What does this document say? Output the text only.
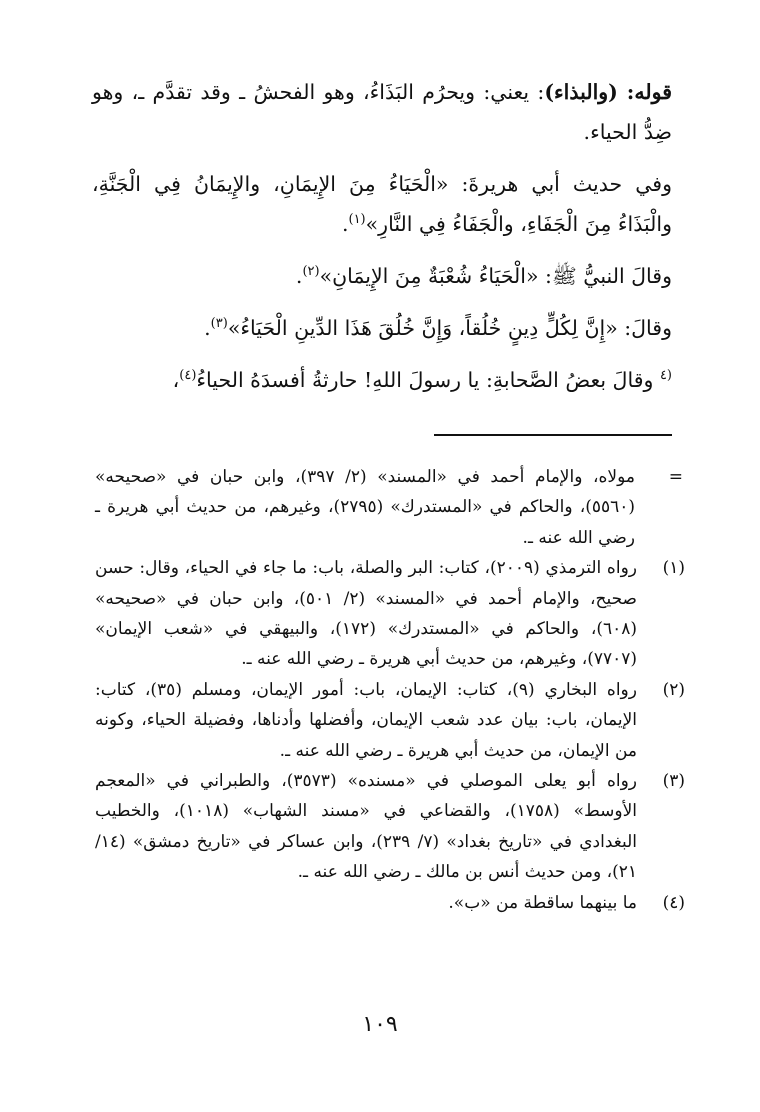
قوله: (والبذاء): يعني: ويحرُم البَذَاءُ، وهو الفحشُ ـ وقد تقدَّم ـ، وهو ضِدُّ الحياء.

وفي حديث أبي هريرةَ: «الْحَيَاءُ مِنَ الإِيمَانِ، والإِيمَانُ فِي الْجَنَّةِ، والْبَذَاءُ مِنَ الْجَفَاءِ، والْجَفَاءُ فِي النَّارِ»$^{(١)}$.

وقالَ النبيُّ ﷺ: «الْحَيَاءُ شُعْبَةٌ مِنَ الإِيمَانِ»$^{(٢)}$.

وقالَ: «إِنَّ لِكُلٍّ دِينٍ خُلُقاً، وَإِنَّ خُلُقَ هَذَا الدِّينِ الْحَيَاءُ»$^{(٣)}$.

$^{(٤}$ وقالَ بعضُ الصَّحابةِ: يا رسولَ اللهِ! حارثةُ أفسدَهُ الحياءُ$^{(٤)}$،

=
مولاه، والإمام أحمد في «المسند» (٢/ ٣٩٧)، وابن حبان في «صحيحه» (٥٥٦٠)، والحاكم في «المستدرك» (٢٧٩٥)، وغيرهم، من حديث أبي هريرة ـ رضي الله عنه ـ.
(١)
رواه الترمذي (٢٠٠٩)، كتاب: البر والصلة، باب: ما جاء في الحياء، وقال: حسن صحيح، والإمام أحمد في «المسند» (٢/ ٥٠١)، وابن حبان في «صحيحه» (٦٠٨)، والحاكم في «المستدرك» (١٧٢)، والبيهقي في «شعب الإيمان» (٧٧٠٧)، وغيرهم، من حديث أبي هريرة ـ رضي الله عنه ـ.
(٢)
رواه البخاري (٩)، كتاب: الإيمان، باب: أمور الإيمان، ومسلم (٣٥)، كتاب: الإيمان، باب: بيان عدد شعب الإيمان، وأفضلها وأدناها، وفضيلة الحياء، وكونه من الإيمان، من حديث أبي هريرة ـ رضي الله عنه ـ.
(٣)
رواه أبو يعلى الموصلي في «مسنده» (٣٥٧٣)، والطبراني في «المعجم الأوسط» (١٧٥٨)، والقضاعي في «مسند الشهاب» (١٠١٨)، والخطيب البغدادي في «تاريخ بغداد» (٧/ ٢٣٩)، وابن عساكر في «تاريخ دمشق» (١٤/ ٢١)، ومن حديث أنس بن مالك ـ رضي الله عنه ـ.
(٤)
ما بينهما ساقطة من «ب».
١٠٩
